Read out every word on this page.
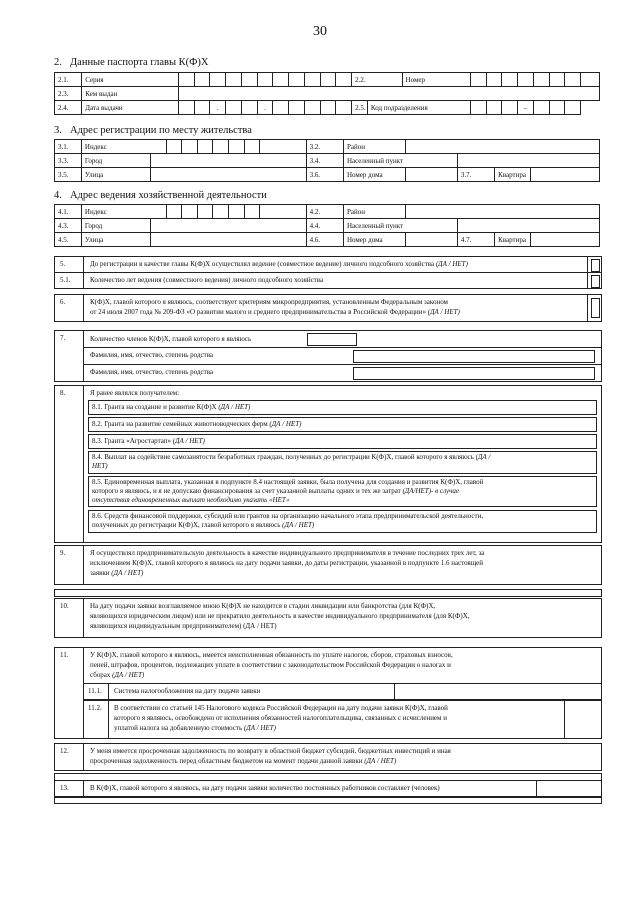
30
2. Данные паспорта главы К(Ф)Х
2.1.	Серия												2.2.		Номер								
2.3.	Кем выдан																						
2.4.	Дата выдачи			.			.						2.5.	Код подразделения					–				
3. Адрес регистрации по месту жительства
3.1.	Индекс									3.2.	Район				
3.3.	Город									3.4.	Населенный пункт				
3.5.	Улица									3.6.	Номер дома		3.7.	Квартира	
4. Адрес ведения хозяйственной деятельности
4.1.	Индекс									4.2.	Район				
4.3.	Город									4.4.	Населенный пункт				
4.5.	Улица									4.6.	Номер дома		4.7.	Квартира	
5.	До регистрации в качестве главы К(Ф)Х осуществлял ведение (совместное ведение) личного подсобного хозяйства (ДА / НЕТ)
5.1.	Количество лет ведения (совместного ведения) личного подсобного хозяйства
6.	К(Ф)Х, главой которого я являюсь, соответствует критериям микропредприятия, установленным Федеральным законом
от 24 июля 2007 года № 209-ФЗ «О развитии малого и среднего предпринимательства в Российской Федерации» (ДА / НЕТ)
7.	Количество членов К(Ф)Х, главой которого я являюсь
Фамилия, имя, отчество, степень родства
Фамилия, имя, отчество, степень родства
8.	Я ранее являлся получателем:
8.1. Гранта на создание и развитие К(Ф)Х (ДА / НЕТ)
8.2. Гранта на развитие семейных животноводческих ферм (ДА / НЕТ)
8.3. Гранта «Агростартап» (ДА / НЕТ)
8.4. Выплат на содействие самозанятости безработных граждан, полученных до регистрации К(Ф)Х, главой которого я являюсь (ДА /
НЕТ)
8.5. Единовременная выплата, указанная в подпункте 8.4 настоящей заявки, была получена для создания и развития К(Ф)Х, главой
которого я являюсь, и я не допускаю финансирования за счет указанной выплаты одних и тех же затрат (ДА/НЕТ)- в случае
отсутствия единовременных выплат необходимо указать «НЕТ»
8.6. Средств финансовой поддержки, субсидий или грантов на организацию начального этапа предпринимательской деятельности,
полученных до регистрации К(Ф)Х, главой которого я являюсь (ДА / НЕТ)
9.	Я осуществлял предпринимательскую деятельность в качестве индивидуального предпринимателя в течение последних трех лет, за
исключением К(Ф)Х, главой которого я являюсь на дату подачи заявки, до даты регистрации, указанной в подпункте 1.6 настоящей
заявки (ДА / НЕТ)
10.	На дату подачи заявки возглавляемое мною К(Ф)Х не находится в стадии ликвидации или банкротства (для К(Ф)Х,
являющихся юридическим лицом) или не прекратило деятельность в качестве индивидуального предпринимателя (для К(Ф)Х,
являющихся индивидуальным предпринимателем) (ДА / НЕТ)
11.	У К(Ф)Х, главой которого я являюсь, имеется неисполненная обязанность по уплате налогов, сборов, страховых взносов,
пеней, штрафов, процентов, подлежащих уплате в соответствии с законодательством Российской Федерации о налогах и
сборах (ДА / НЕТ)
11.1. Система налогообложения на дату подачи заявки
11.2. В соответствии со статьей 145 Налогового кодекса Российской Федерации на дату подачи заявки К(Ф)Х, главой
которого я являюсь, освобождено от исполнения обязанностей налогоплательщика, связанных с исчислением и
уплатой налога на добавленную стоимость (ДА / НЕТ)
12.	У меня имеется просроченная задолженность по возврату в областной бюджет субсидий, бюджетных инвестиций и иная
просроченная задолженность перед областным бюджетом на момент подачи данной заявки (ДА / НЕТ)
13.	В К(Ф)Х, главой которого я являюсь, на дату подачи заявки количество постоянных работников составляет (человек)
